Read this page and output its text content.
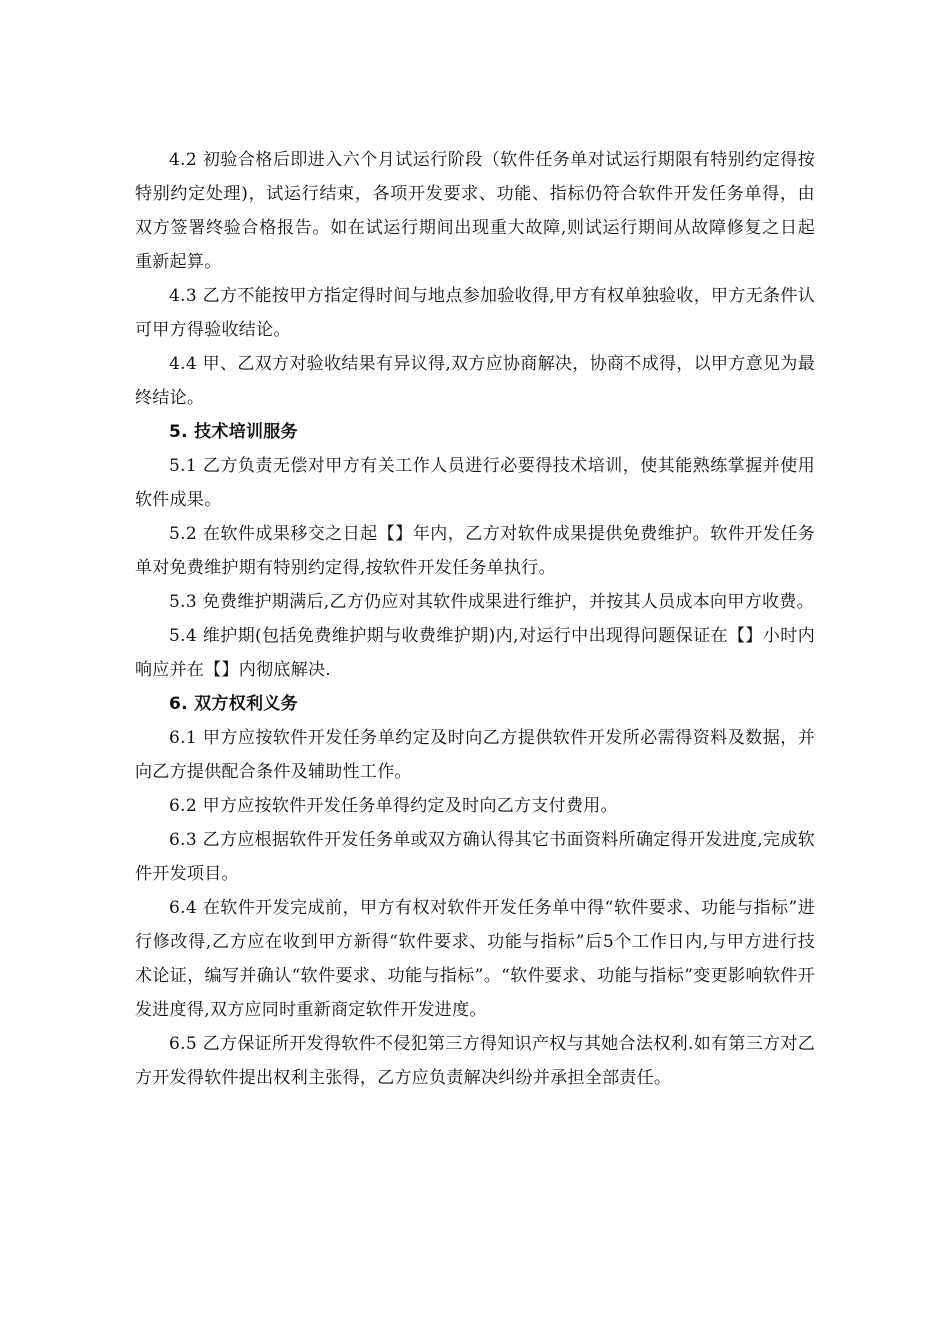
4.2 初验合格后即进入六个月试运行阶段（软件任务单对试运行期限有特别约定得按特别约定处理)，试运行结束，各项开发要求、功能、指标仍符合软件开发任务单得，由双方签署终验合格报告。如在试运行期间出现重大故障,则试运行期间从故障修复之日起重新起算。

4.3 乙方不能按甲方指定得时间与地点参加验收得,甲方有权单独验收，甲方无条件认可甲方得验收结论。

4.4 甲、乙双方对验收结果有异议得,双方应协商解决，协商不成得，以甲方意见为最终结论。

5. 技术培训服务

5.1 乙方负责无偿对甲方有关工作人员进行必要得技术培训，使其能熟练掌握并使用软件成果。

5.2 在软件成果移交之日起【】年内，乙方对软件成果提供免费维护。软件开发任务单对免费维护期有特别约定得,按软件开发任务单执行。

5.3 免费维护期满后,乙方仍应对其软件成果进行维护，并按其人员成本向甲方收费。

5.4 维护期(包括免费维护期与收费维护期)内,对运行中出现得问题保证在【】小时内响应并在【】内彻底解决.

6. 双方权利义务

6.1 甲方应按软件开发任务单约定及时向乙方提供软件开发所必需得资料及数据，并向乙方提供配合条件及辅助性工作。

6.2 甲方应按软件开发任务单得约定及时向乙方支付费用。

6.3 乙方应根据软件开发任务单或双方确认得其它书面资料所确定得开发进度,完成软件开发项目。

6.4 在软件开发完成前，甲方有权对软件开发任务单中得“软件要求、功能与指标”进行修改得,乙方应在收到甲方新得“软件要求、功能与指标”后5个工作日内,与甲方进行技术论证，编写并确认“软件要求、功能与指标”。“软件要求、功能与指标”变更影响软件开发进度得,双方应同时重新商定软件开发进度。

6.5 乙方保证所开发得软件不侵犯第三方得知识产权与其她合法权利.如有第三方对乙方开发得软件提出权利主张得，乙方应负责解决纠纷并承担全部责任。
